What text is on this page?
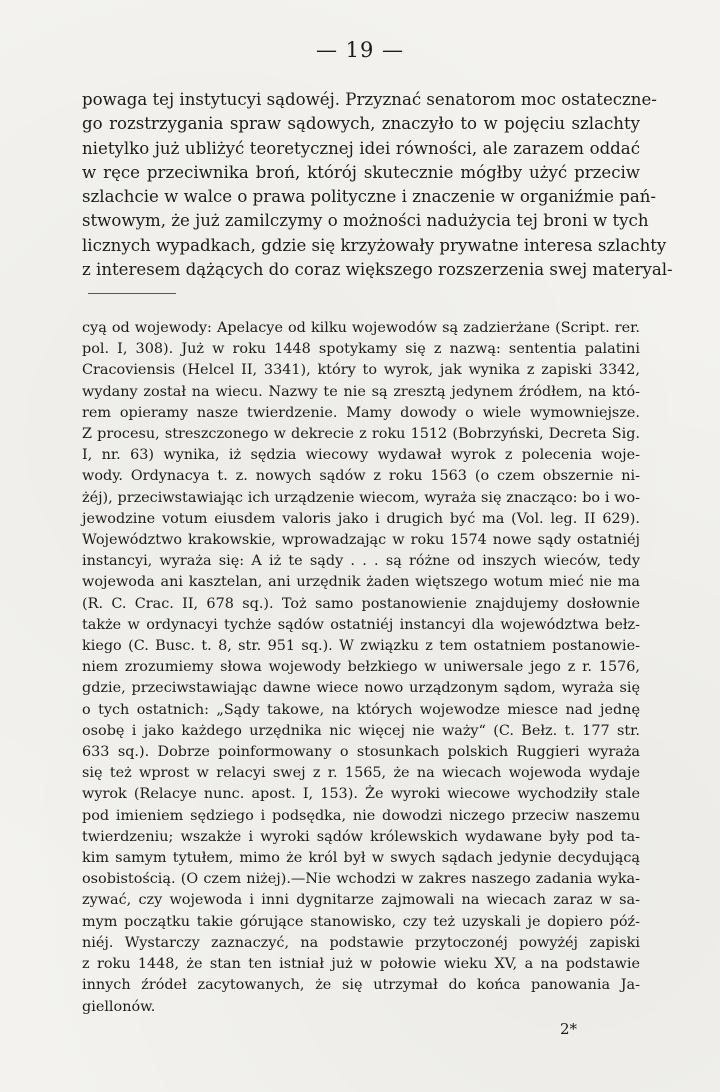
— 19 —
powaga tej instytucyi sądowéj. Przyznać senatorom moc ostateczne-
go rozstrzygania spraw sądowych, znaczyło to w pojęciu szlachty
nietylko już ubliżyć teoretycznej idei równości, ale zarazem oddać
w ręce przeciwnika broń, którój skutecznie mógłby użyć przeciw
szlachcie w walce o prawa polityczne i znaczenie w organiźmie pań-
stwowym, że już zamilczymy o możności nadużycia tej broni w tych
licznych wypadkach, gdzie się krzyżowały prywatne interesa szlachty
z interesem dążących do coraz większego rozszerzenia swej materyal-
cyą od wojewody: Apelacye od kilku wojewodów są zadzierżane (Script. rer.
pol. I, 308). Już w roku 1448 spotykamy się z nazwą: sententia palatini
Cracoviensis (Helcel II, 3341), który to wyrok, jak wynika z zapiski 3342,
wydany został na wiecu. Nazwy te nie są zresztą jedynem źródłem, na któ-
rem opieramy nasze twierdzenie. Mamy dowody o wiele wymowniejsze.
Z procesu, streszczonego w dekrecie z roku 1512 (Bobrzyński, Decreta Sig.
I, nr. 63) wynika, iż sędzia wiecowy wydawał wyrok z polecenia woje-
wody. Ordynacya t. z. nowych sądów z roku 1563 (o czem obszernie ni-
żéj), przeciwstawiając ich urządzenie wiecom, wyraża się znacząco: bo i wo-
jewodzine votum eiusdem valoris jako i drugich być ma (Vol. leg. II 629).
Województwo krakowskie, wprowadzając w roku 1574 nowe sądy ostatniéj
instancyi, wyraża się: A iż te sądy . . . są różne od inszych wieców, tedy
wojewoda ani kasztelan, ani urzędnik żaden więtszego wotum mieć nie ma
(R. C. Crac. II, 678 sq.). Toż samo postanowienie znajdujemy dosłownie
także w ordynacyi tychże sądów ostatniéj instancyi dla województwa bełz-
kiego (C. Busc. t. 8, str. 951 sq.). W związku z tem ostatniem postanowie-
niem zrozumiemy słowa wojewody bełzkiego w uniwersale jego z r. 1576,
gdzie, przeciwstawiając dawne wiece nowo urządzonym sądom, wyraża się
o tych ostatnich: „Sądy takowe, na których wojewodze miesce nad jednę
osobę i jako każdego urzędnika nic więcej nie waży“ (C. Bełz. t. 177 str.
633 sq.). Dobrze poinformowany o stosunkach polskich Ruggieri wyraża
się też wprost w relacyi swej z r. 1565, że na wiecach wojewoda wydaje
wyrok (Relacye nunc. apost. I, 153). Że wyroki wiecowe wychodziły stale
pod imieniem sędziego i podsędka, nie dowodzi niczego przeciw naszemu
twierdzeniu; wszakże i wyroki sądów królewskich wydawane były pod ta-
kim samym tytułem, mimo że król był w swych sądach jedynie decydującą
osobistością. (O czem niżej).—Nie wchodzi w zakres naszego zadania wyka-
zywać, czy wojewoda i inni dygnitarze zajmowali na wiecach zaraz w sa-
mym początku takie górujące stanowisko, czy też uzyskali je dopiero póź-
niéj. Wystarczy zaznaczyć, na podstawie przytoczonéj powyżéj zapiski
z roku 1448, że stan ten istniał już w połowie wieku XV, a na podstawie
innych źródeł zacytowanych, że się utrzymał do końca panowania Ja-
giellonów.
2*
